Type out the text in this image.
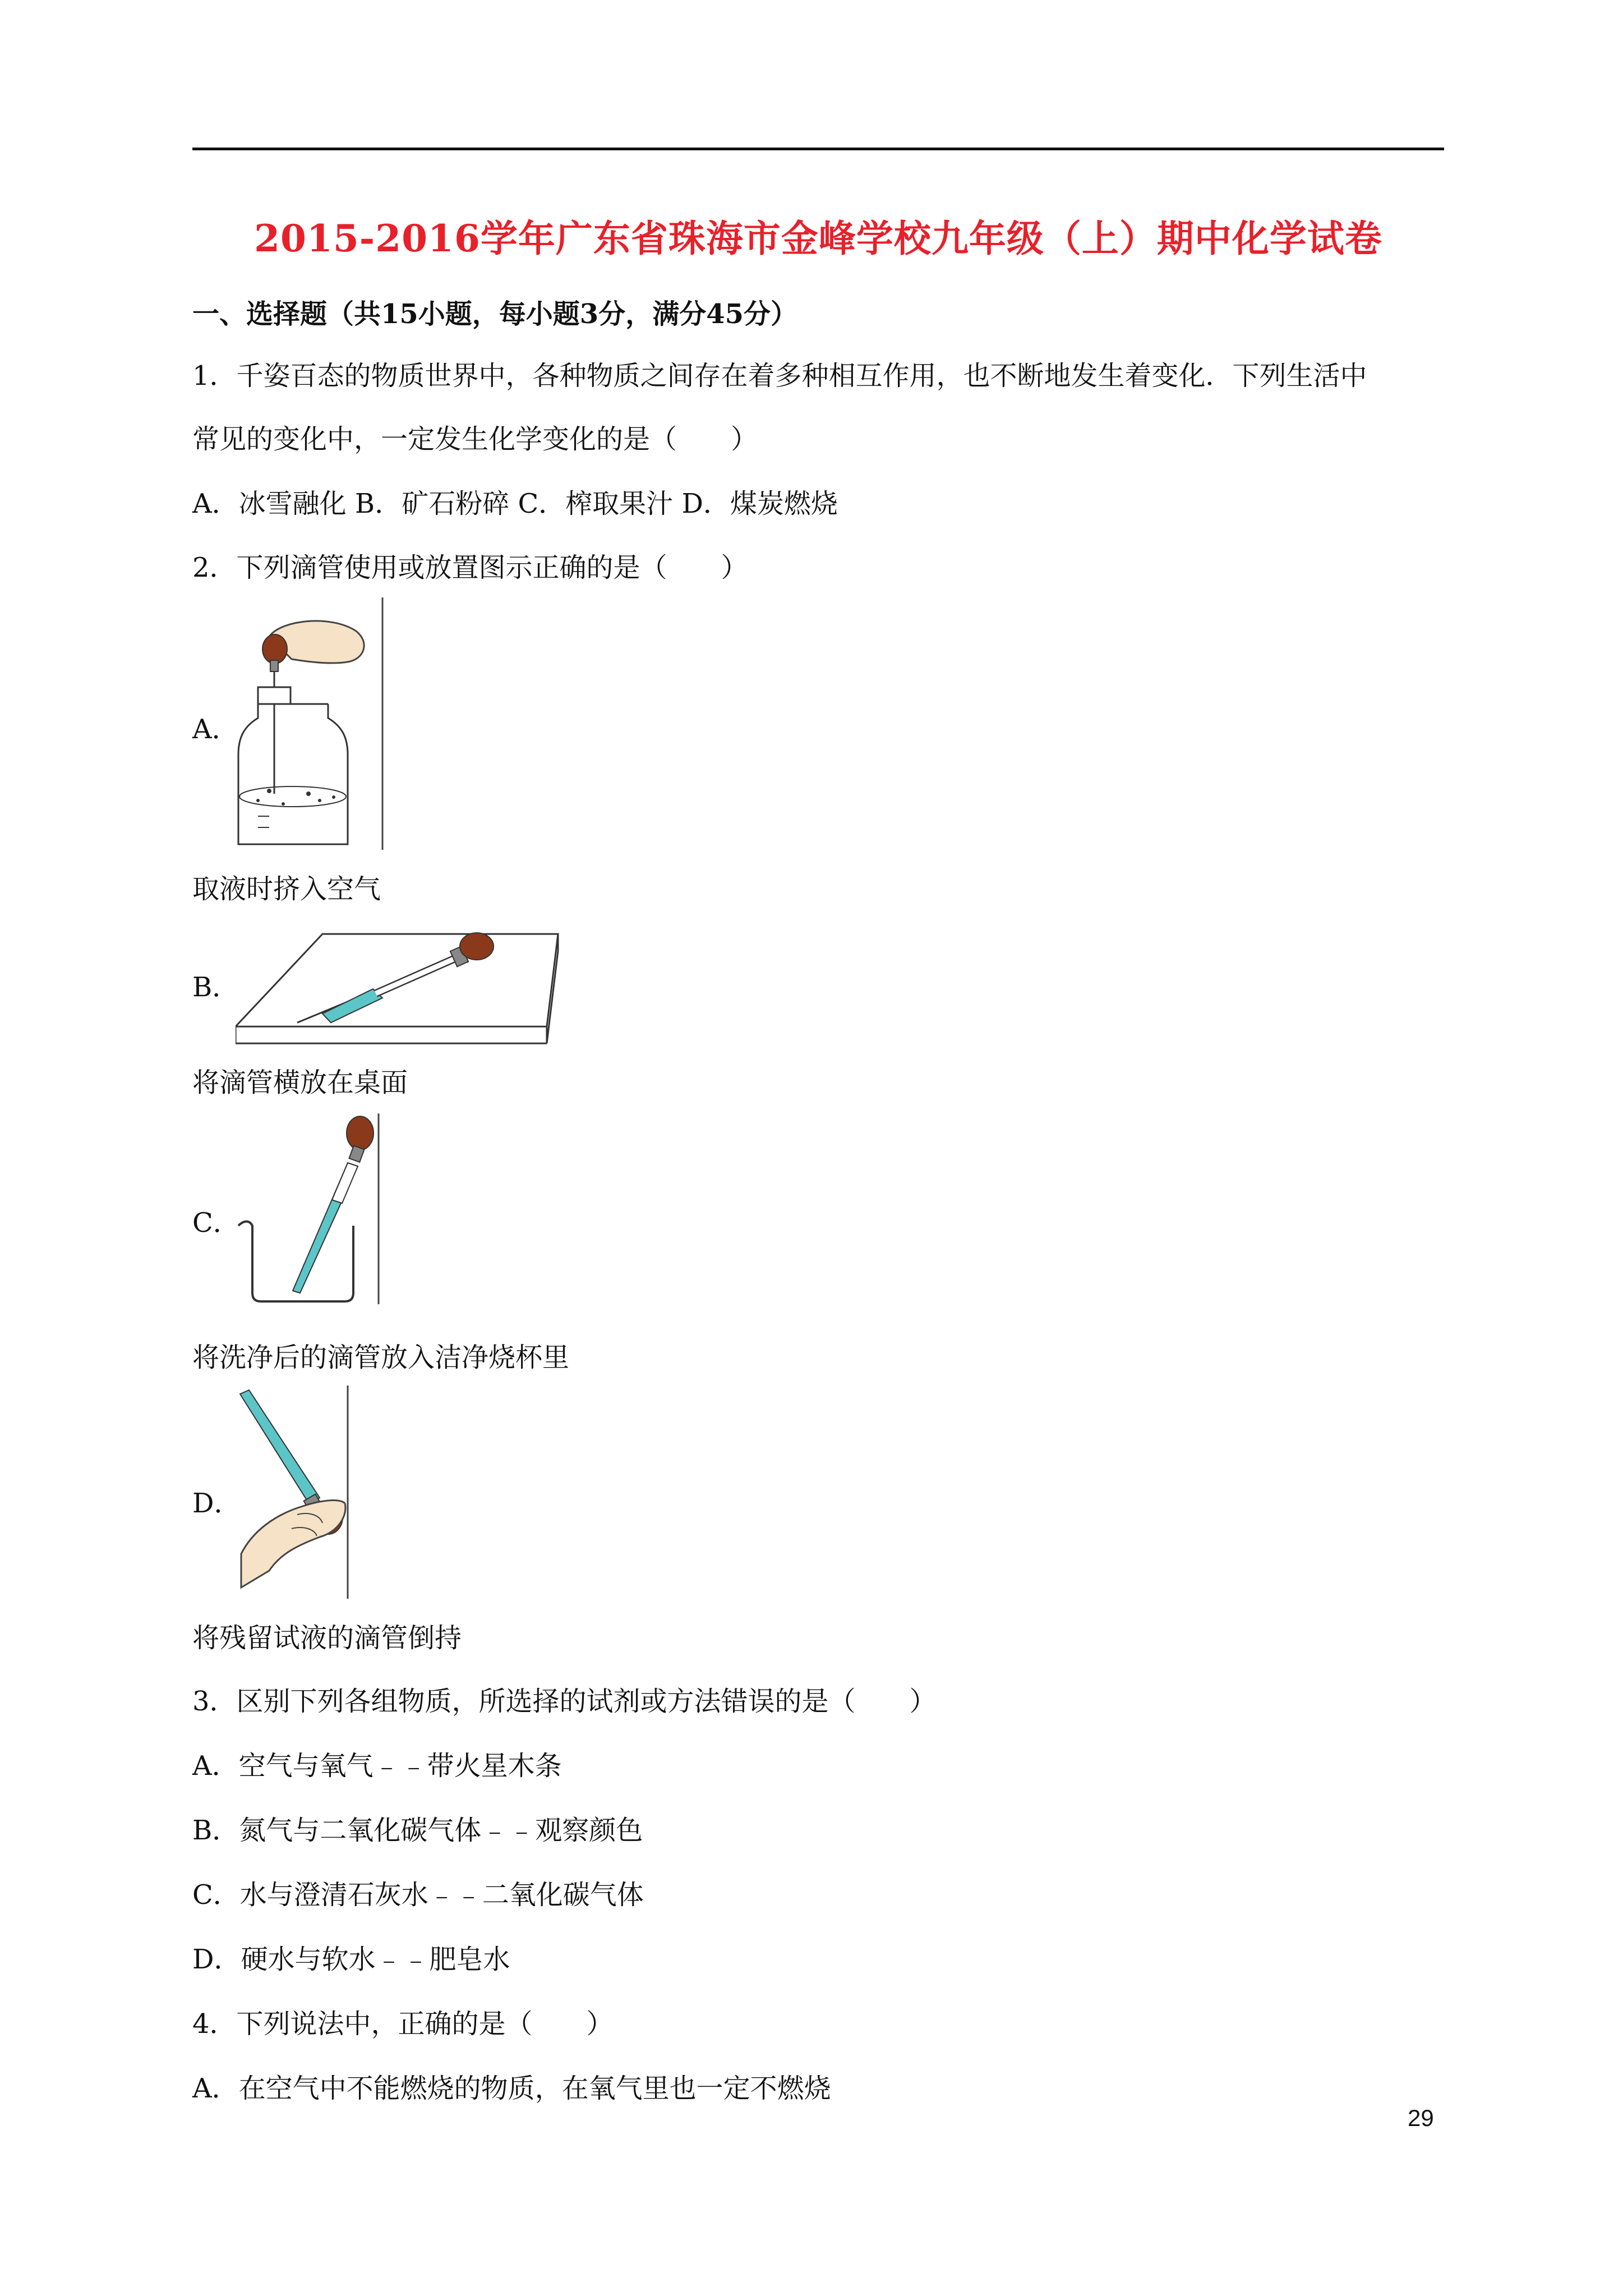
2015-2016学年广东省珠海市金峰学校九年级（上）期中化学试卷
一、选择题（共15小题，每小题3分，满分45分）
1．千姿百态的物质世界中，各种物质之间存在着多种相互作用，也不断地发生着变化．下列生活中
常见的变化中，一定发生化学变化的是（　　）
A．冰雪融化 B．矿石粉碎 C．榨取果汁 D．煤炭燃烧
2．下列滴管使用或放置图示正确的是（　　）
A．
取液时挤入空气
B．
将滴管横放在桌面
C．
将洗净后的滴管放入洁净烧杯里
D．
将残留试液的滴管倒持
3．区别下列各组物质，所选择的试剂或方法错误的是（　　）
A．空气与氧气﹣﹣带火星木条
B．氮气与二氧化碳气体﹣﹣观察颜色
C．水与澄清石灰水﹣﹣二氧化碳气体
D．硬水与软水﹣﹣肥皂水
4．下列说法中，正确的是（　　）
A．在空气中不能燃烧的物质，在氧气里也一定不燃烧
29
